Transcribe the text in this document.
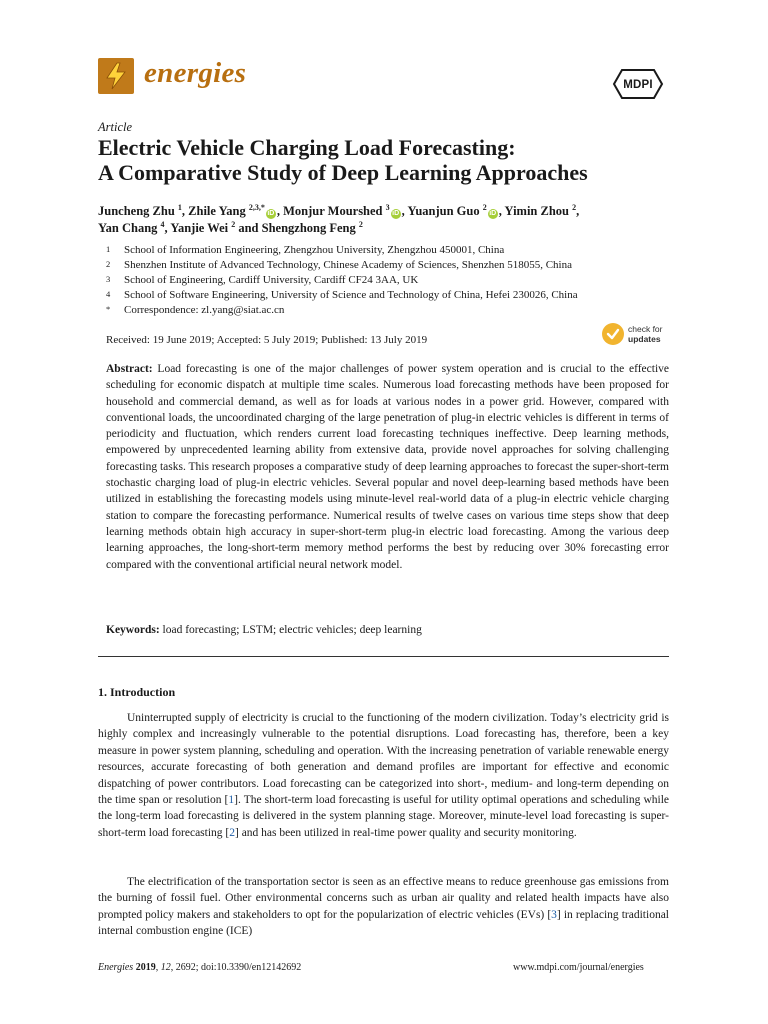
energies	MDPI
Article
Electric Vehicle Charging Load Forecasting:
A Comparative Study of Deep Learning Approaches
Juncheng Zhu $^1$, Zhile Yang $^{2,3,*}$iD , Monjur Mourshed $^3$iD , Yuanjun Guo $^2$iD , Yimin Zhou $^2$,
Yan Chang $^4$, Yanjie Wei $^2$ and Shengzhong Feng $^2$
1 School of Information Engineering, Zhengzhou University, Zhengzhou 450001, China
2 Shenzhen Institute of Advanced Technology, Chinese Academy of Sciences, Shenzhen 518055, China
3 School of Engineering, Cardiff University, Cardiff CF24 3AA, UK
4 School of Software Engineering, University of Science and Technology of China, Hefei 230026, China
* Correspondence: zl.yang@siat.ac.cn
Received: 19 June 2019; Accepted: 5 July 2019; Published: 13 July 2019
check for
updates
Abstract: Load forecasting is one of the major challenges of power system operation and is crucial to the effective scheduling for economic dispatch at multiple time scales. Numerous load forecasting methods have been proposed for household and commercial demand, as well as for loads at various nodes in a power grid. However, compared with conventional loads, the uncoordinated charging of the large penetration of plug-in electric vehicles is different in terms of periodicity and fluctuation, which renders current load forecasting techniques ineffective. Deep learning methods, empowered by unprecedented learning ability from extensive data, provide novel approaches for solving challenging forecasting tasks. This research proposes a comparative study of deep learning approaches to forecast the super-short-term stochastic charging load of plug-in electric vehicles. Several popular and novel deep-learning based methods have been utilized in establishing the forecasting models using minute-level real-world data of a plug-in electric vehicle charging station to compare the forecasting performance. Numerical results of twelve cases on various time steps show that deep learning methods obtain high accuracy in super-short-term plug-in electric load forecasting. Among the various deep learning approaches, the long-short-term memory method performs the best by reducing over 30% forecasting error compared with the conventional artificial neural network model.
Keywords: load forecasting; LSTM; electric vehicles; deep learning
1. Introduction
Uninterrupted supply of electricity is crucial to the functioning of the modern civilization. Today’s electricity grid is highly complex and increasingly vulnerable to the potential disruptions. Load forecasting has, therefore, been a key measure in power system planning, scheduling and operation. With the increasing penetration of variable renewable energy resources, accurate forecasting of both generation and demand profiles are important for effective and economic dispatching of power contributors. Load forecasting can be categorized into short-, medium- and long-term depending on the time span or resolution [1]. The short-term load forecasting is useful for utility optimal operations and scheduling while the long-term load forecasting is delivered in the system planning stage. Moreover, minute-level load forecasting is super-short-term load forecasting [2] and has been utilized in real-time power quality and security monitoring.
The electrification of the transportation sector is seen as an effective means to reduce greenhouse gas emissions from the burning of fossil fuel. Other environmental concerns such as urban air quality and related health impacts have also prompted policy makers and stakeholders to opt for the popularization of electric vehicles (EVs) [3] in replacing traditional internal combustion engine (ICE)
Energies 2019, 12, 2692; doi:10.3390/en12142692	www.mdpi.com/journal/energies
